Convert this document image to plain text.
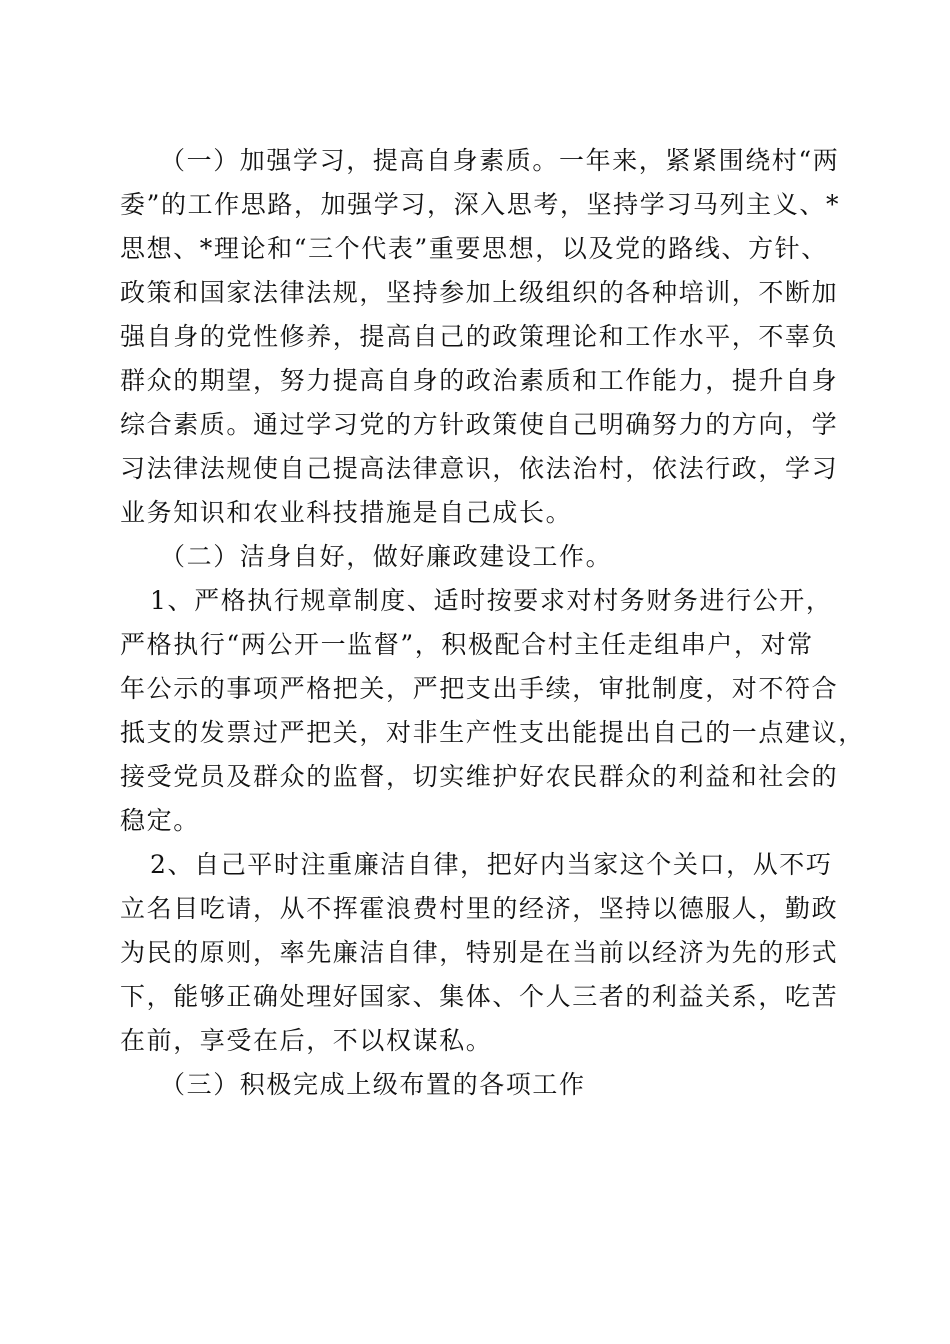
（一）加强学习，提高自身素质。一年来，紧紧围绕村“两
委”的工作思路，加强学习，深入思考，坚持学习马列主义、*
思想、*理论和“三个代表”重要思想，以及党的路线、方针、
政策和国家法律法规，坚持参加上级组织的各种培训，不断加
强自身的党性修养，提高自己的政策理论和工作水平，不辜负
群众的期望，努力提高自身的政治素质和工作能力，提升自身
综合素质。通过学习党的方针政策使自己明确努力的方向，学
习法律法规使自己提高法律意识，依法治村，依法行政，学习
业务知识和农业科技措施是自己成长。
（二）洁身自好，做好廉政建设工作。
1、严格执行规章制度、适时按要求对村务财务进行公开，
严格执行“两公开一监督”，积极配合村主任走组串户，对常
年公示的事项严格把关，严把支出手续，审批制度，对不符合
抵支的发票过严把关，对非生产性支出能提出自己的一点建议，
接受党员及群众的监督，切实维护好农民群众的利益和社会的
稳定。
2、自己平时注重廉洁自律，把好内当家这个关口，从不巧
立名目吃请，从不挥霍浪费村里的经济，坚持以德服人，勤政
为民的原则，率先廉洁自律，特别是在当前以经济为先的形式
下，能够正确处理好国家、集体、个人三者的利益关系，吃苦
在前，享受在后，不以权谋私。
（三）积极完成上级布置的各项工作
